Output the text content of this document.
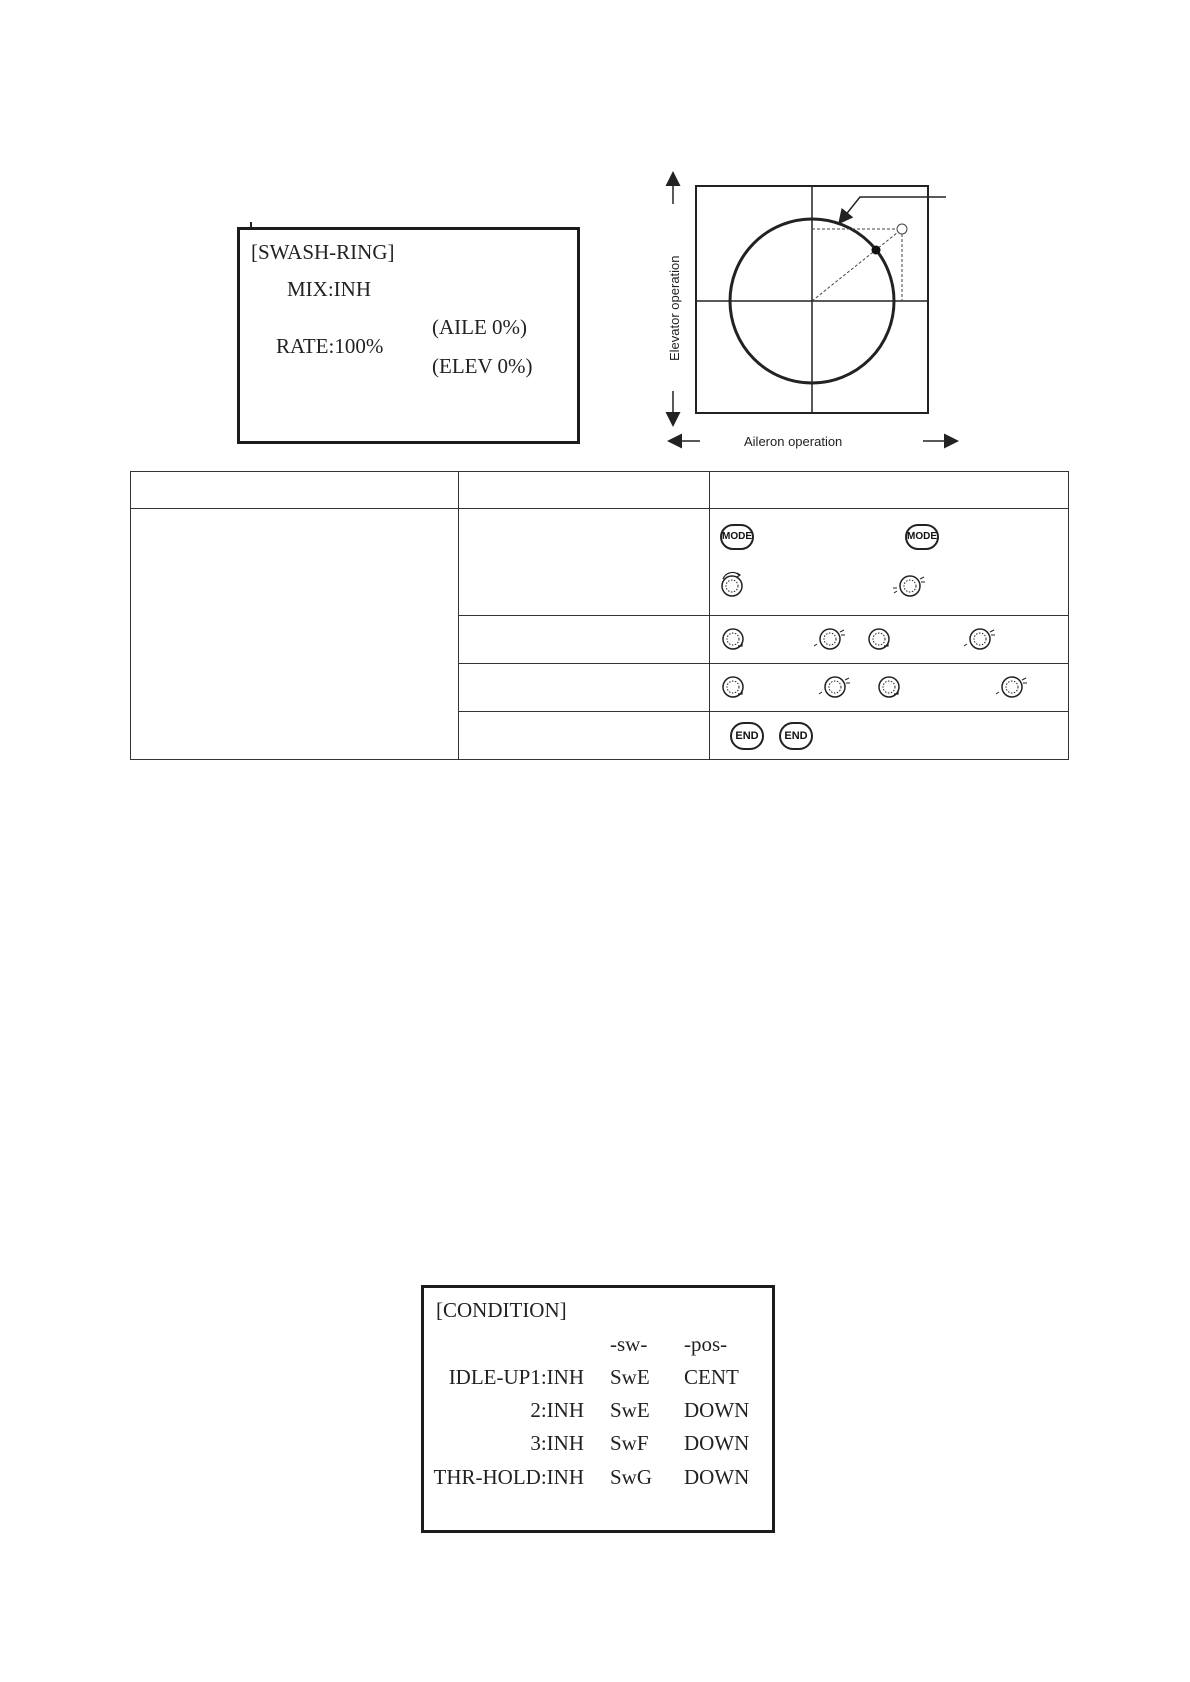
[SWASH-RING]
MIX:INH
RATE:100%
(AILE 0%)
(ELEV 0%)
Elevator operation
Aileron operation

		MODE MODE

		END END
[CONDITION]
-sw- -pos-
IDLE-UP1:INH SwE CENT
2:INH SwE DOWN
3:INH SwF DOWN
THR-HOLD:INH SwG DOWN
